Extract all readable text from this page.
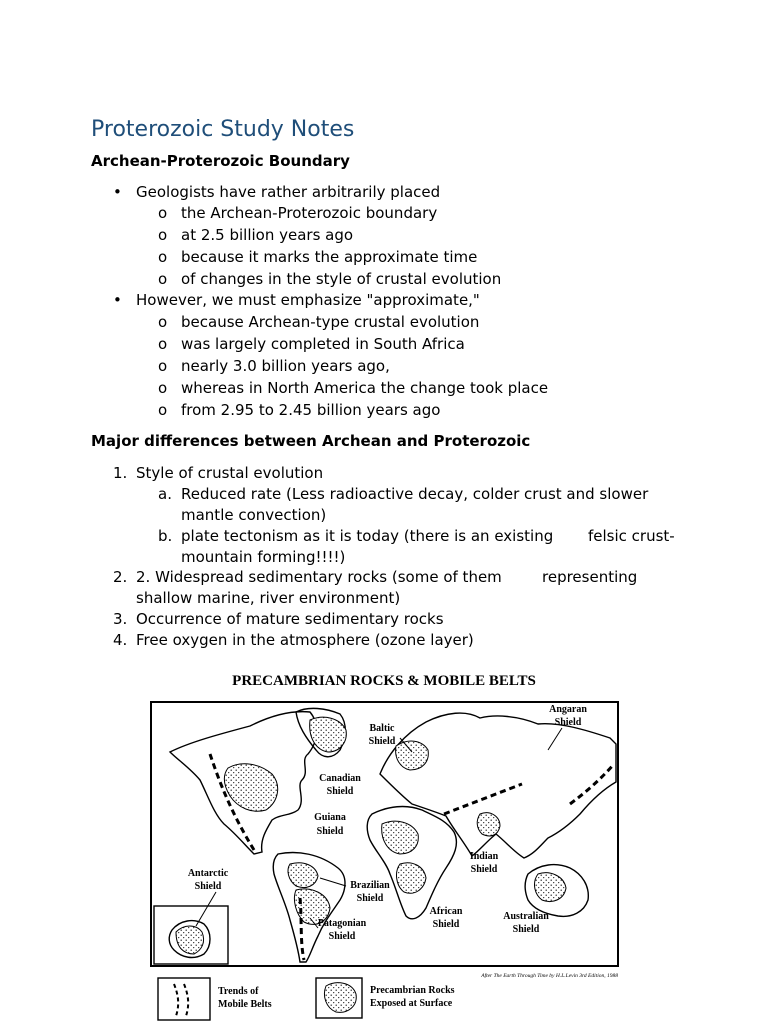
Proterozoic Study Notes
Archean-Proterozoic Boundary
• Geologists have rather arbitrarily placed
o the Archean-Proterozoic boundary
o at 2.5 billion years ago
o because it marks the approximate time
o of changes in the style of crustal evolution
• However, we must emphasize "approximate,"
o because Archean-type crustal evolution
o was largely completed in South Africa
o nearly 3.0 billion years ago,
o whereas in North America the change took place
o from 2.95 to 2.45 billion years ago
Major differences between Archean and Proterozoic
1. Style of crustal evolution
a. Reduced rate (Less radioactive decay, colder crust and slower
mantle convection)
b. plate tectonism as it is today (there is an existing felsic crust-
mountain forming!!!!)
2. 2. Widespread sedimentary rocks (some of them	representing
shallow marine, river environment)
3. Occurrence of mature sedimentary rocks
4. Free oxygen in the atmosphere (ozone layer)
PRECAMBRIAN ROCKS & MOBILE BELTS
Baltic
Shield
Angaran
Shield
Canadian
Shield
Guiana
Shield
Indian
Shield
Antarctic
Shield	Brazilian
Shield
African
Shield
Australian
Shield
Patagonian
Shield
After The Earth Through Time by H.L.Levin 3rd Edition, 1988
Trends of
Mobile Belts
Precambrian Rocks
Exposed at Surface
